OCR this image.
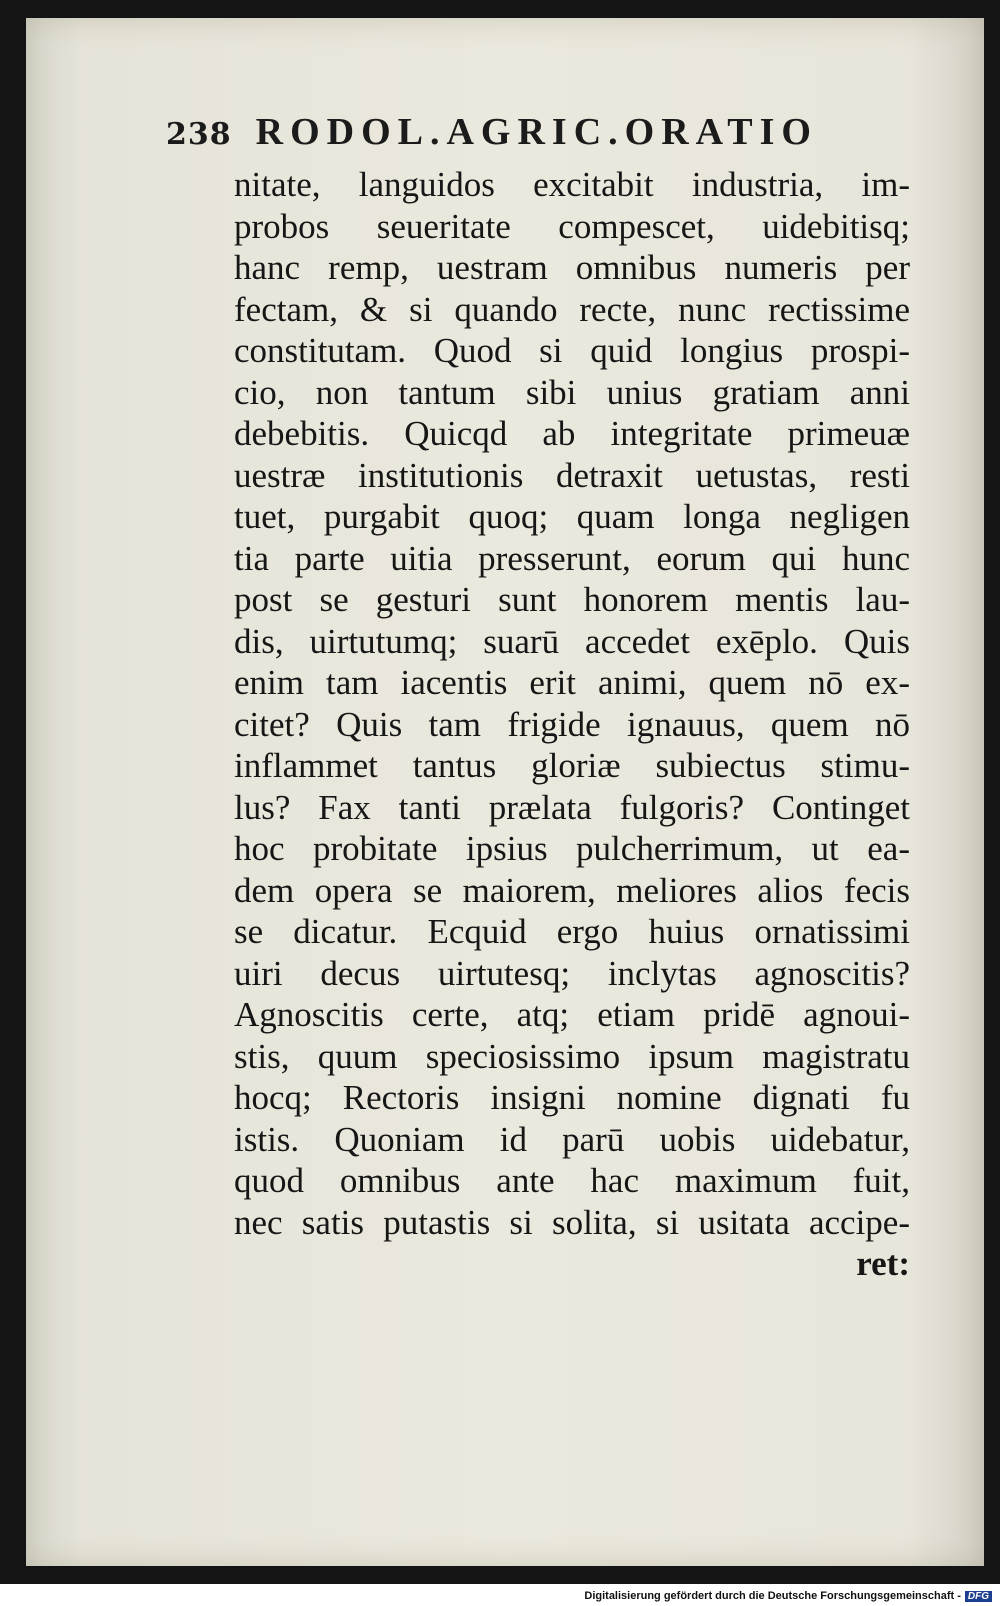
238 RODOL.AGRIC.ORATIO
nitate, languidos excitabit industria, im-
probos seueritate compescet, uidebitisq;
hanc remp, uestram omnibus numeris per
fectam, & si quando recte, nunc rectissime
constitutam. Quod si quid longius prospi-
cio, non tantum sibi unius gratiam anni
debebitis. Quicqd ab integritate primeuæ
uestræ institutionis detraxit uetustas, resti
tuet, purgabit quoq; quam longa negligen
tia parte uitia presserunt, eorum qui hunc
post se gesturi sunt honorem mentis lau-
dis, uirtutumq; suarū accedet exēplo. Quis
enim tam iacentis erit animi, quem nō ex-
citet? Quis tam frigide ignauus, quem nō
inflammet tantus gloriæ subiectus stimu-
lus? Fax tanti prælata fulgoris? Continget
hoc probitate ipsius pulcherrimum, ut ea-
dem opera se maiorem, meliores alios fecis
se dicatur. Ecquid ergo huius ornatissimi
uiri decus uirtutesq; inclytas agnoscitis?
Agnoscitis certe, atq; etiam pridē agnoui-
stis, quum speciosissimo ipsum magistratu
hocq; Rectoris insigni nomine dignati fu
istis. Quoniam id parū uobis uidebatur,
quod omnibus ante hac maximum fuit,
nec satis putastis si solita, si usitata accipe-
ret:
Digitalisierung gefördert durch die Deutsche Forschungsgemeinschaft - DFG
